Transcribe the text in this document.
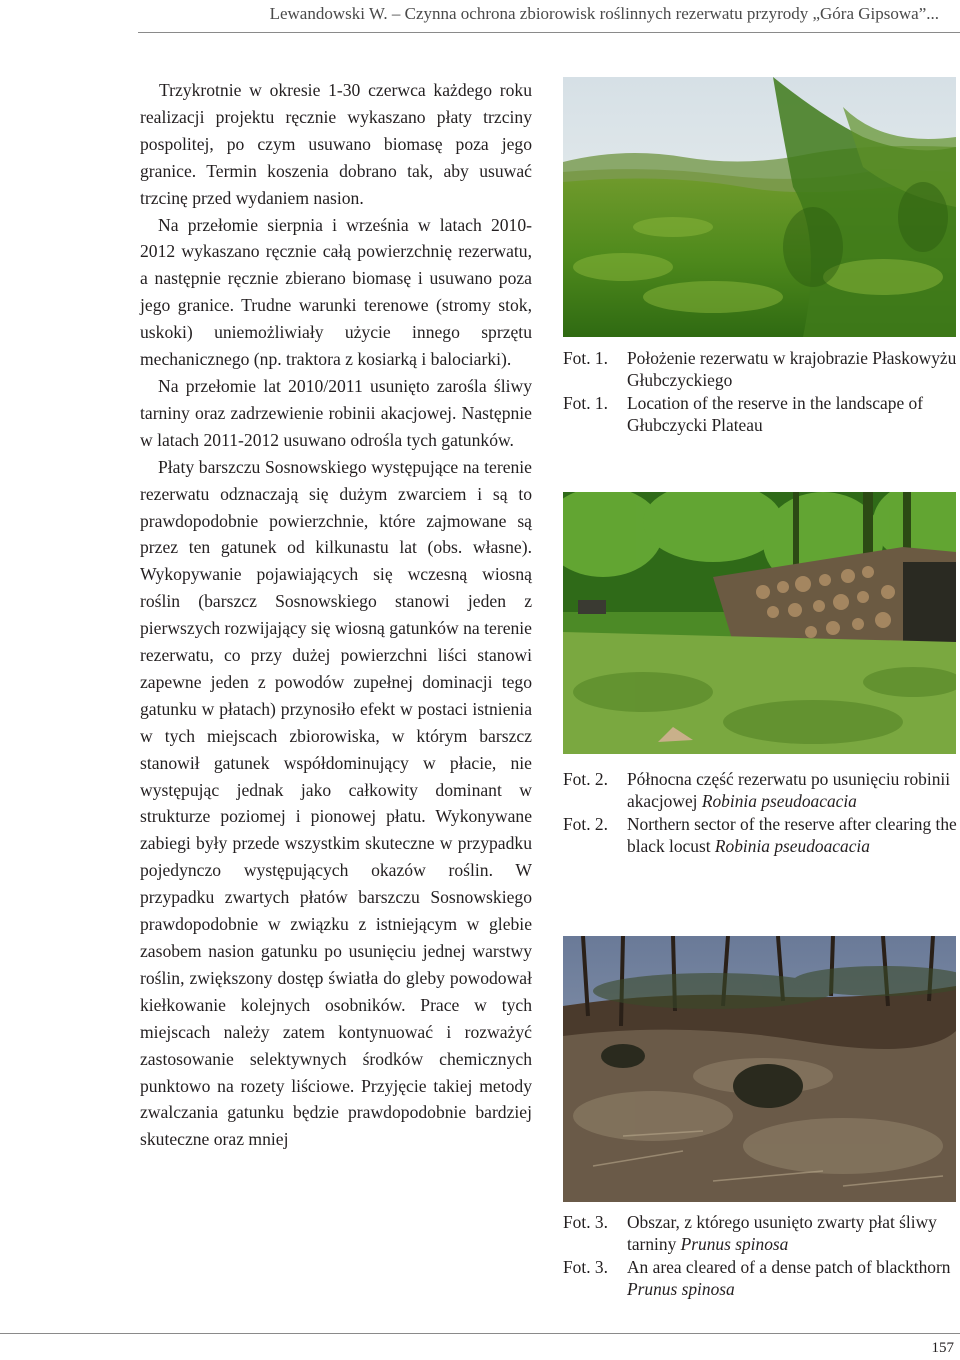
Lewandowski W. – Czynna ochrona zbiorowisk roślinnych rezerwatu przyrody „Góra Gipsowa”...

Trzykrotnie w okresie 1-30 czerwca każdego roku realizacji projektu ręcznie wykaszano płaty trzciny pospolitej, po czym usuwano biomasę poza jego granice. Termin koszenia dobrano tak, aby usuwać trzcinę przed wydaniem nasion.

Na przełomie sierpnia i września w latach 2010-2012 wykaszano ręcznie całą powierzchnię rezerwatu, a następnie ręcznie zbierano biomasę i usuwano poza jego granice. Trudne warunki terenowe (stromy stok, uskoki) uniemożliwiały użycie innego sprzętu mechanicznego (np. traktora z kosiarką i balociarki).

Na przełomie lat 2010/2011 usunięto zarośla śliwy tarniny oraz zadrzewienie robinii akacjowej. Następnie w latach 2011-2012 usuwano odrośla tych gatunków.

Płaty barszczu Sosnowskiego występujące na terenie rezerwatu odznaczają się dużym zwarciem i są to prawdopodobnie powierzchnie, które zajmowane są przez ten gatunek od kilkunastu lat (obs. własne). Wykopywanie pojawiających się wczesną wiosną roślin (barszcz Sosnowskiego stanowi jeden z pierwszych rozwijający się wiosną gatunków na terenie rezerwatu, co przy dużej powierzchni liści stanowi zapewne jeden z powodów zupełnej dominacji tego gatunku w płatach) przynosiło efekt w postaci istnienia w tych miejscach zbiorowiska, w którym barszcz stanowił gatunek współdominujący w płacie, nie występując jednak jako całkowity dominant w strukturze poziomej i pionowej płatu. Wykonywane zabiegi były przede wszystkim skuteczne w przypadku pojedynczo występujących okazów roślin. W przypadku zwartych płatów barszczu Sosnowskiego prawdopodobnie w związku z istniejącym w glebie zasobem nasion gatunku po usunięciu jednej warstwy roślin, zwiększony dostęp światła do gleby powodował kiełkowanie kolejnych osobników. Prace w tych miejscach należy zatem kontynuować i rozważyć zastosowanie selektywnych środków chemicznych punktowo na rozety liściowe. Przyjęcie takiej metody zwalczania gatunku będzie prawdopodobnie bardziej skuteczne oraz mniej

Fot. 1.	Położenie rezerwatu w krajobrazie Płaskowyżu Głubczyckiego
Fot. 1.	Location of the reserve in the landscape of Głubczycki Plateau
Fot. 2.	Północna część rezerwatu po usunięciu robinii akacjowej Robinia pseudoacacia
Fot. 2.	Northern sector of the reserve after clearing the black locust Robinia pseudoacacia
Fot. 3.	Obszar, z którego usunięto zwarty płat śliwy tarniny Prunus spinosa
Fot. 3.	An area cleared of a dense patch of blackthorn Prunus spinosa
157
